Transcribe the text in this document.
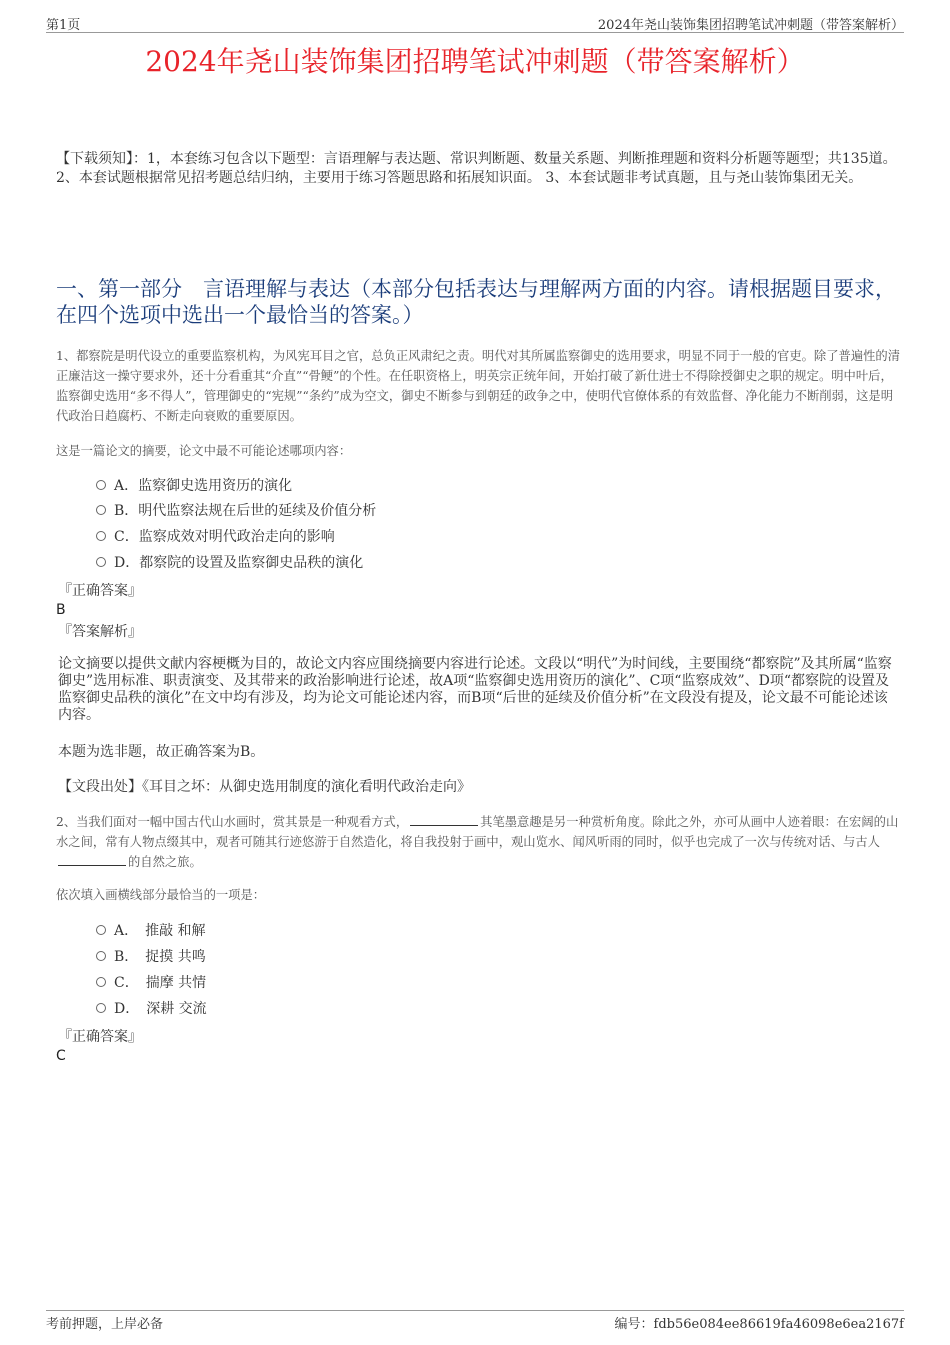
第1页	2024年尧山装饰集团招聘笔试冲刺题（带答案解析）
2024年尧山装饰集团招聘笔试冲刺题（带答案解析）
【下载须知】：1，本套练习包含以下题型：言语理解与表达题、常识判断题、数量关系题、判断推理题和资料分析题等题型；共135道。 2、本套试题根据常见招考题总结归纳，主要用于练习答题思路和拓展知识面。 3、本套试题非考试真题，且与尧山装饰集团无关。
一、第一部分　言语理解与表达（本部分包括表达与理解两方面的内容。请根据题目要求，在四个选项中选出一个最恰当的答案。）
1、都察院是明代设立的重要监察机构，为风宪耳目之官，总负正风肃纪之责。明代对其所属监察御史的选用要求，明显不同于一般的官吏。除了普遍性的清正廉洁这一操守要求外，还十分看重其“介直”“骨鲠”的个性。在任职资格上，明英宗正统年间，开始打破了新仕进士不得除授御史之职的规定。明中叶后，监察御史选用“多不得人”，管理御史的“宪规”“条约”成为空文，御史不断参与到朝廷的政争之中，使明代官僚体系的有效监督、净化能力不断削弱，这是明代政治日趋腐朽、不断走向衰败的重要原因。
这是一篇论文的摘要，论文中最不可能论述哪项内容：
A．监察御史选用资历的演化
B．明代监察法规在后世的延续及价值分析
C．监察成效对明代政治走向的影响
D．都察院的设置及监察御史品秩的演化
『正确答案』
B
『答案解析』
论文摘要以提供文献内容梗概为目的，故论文内容应围绕摘要内容进行论述。文段以“明代”为时间线，主要围绕“都察院”及其所属“监察御史”选用标准、职责演变、及其带来的政治影响进行论述，故A项“监察御史选用资历的演化”、C项“监察成效”、D项“都察院的设置及监察御史品秩的演化”在文中均有涉及，均为论文可能论述内容，而B项“后世的延续及价值分析”在文段没有提及，论文最不可能论述该内容。
本题为选非题，故正确答案为B。
【文段出处】《耳目之坏：从御史选用制度的演化看明代政治走向》
2、当我们面对一幅中国古代山水画时，赏其景是一种观看方式，	其笔墨意趣是另一种赏析角度。除此之外，亦可从画中人迹着眼：在宏阔的山水之间，常有人物点缀其中，观者可随其行迹悠游于自然造化，将自我投射于画中，观山览水、闻风听雨的同时，似乎也完成了一次与传统对话、与古人的自然之旅。
依次填入画横线部分最恰当的一项是：
A．　推敲 和解
B．　捉摸 共鸣
C．　揣摩 共情
D．　深耕 交流
『正确答案』
C
考前押题，上岸必备	编号：fdb56e084ee86619fa46098e6ea2167f
